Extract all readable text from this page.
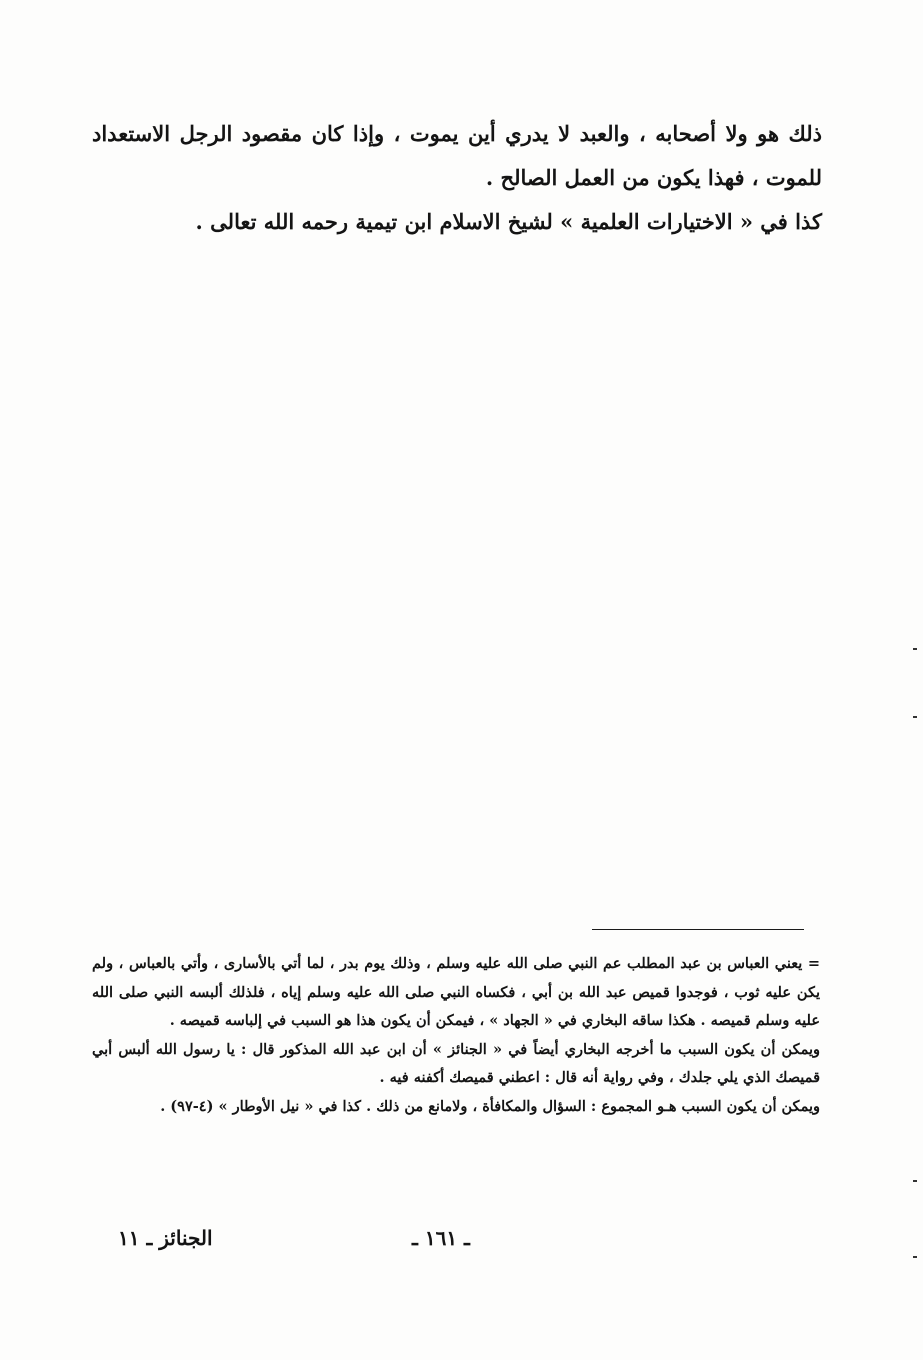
ذلك هو ولا أصحابه ، والعبد لا يدري أين يموت ، وإذا كان مقصود الرجل الاستعداد للموت ، فهذا يكون من العمل الصالح .

كذا في « الاختيارات العلمية » لشيخ الاسلام ابن تيمية رحمه الله تعالى .

= يعني العباس بن عبد المطلب عم النبي صلى الله عليه وسلم ، وذلك يوم بدر ، لما أتي بالأسارى ، وأتي بالعباس ، ولم يكن عليه ثوب ، فوجدوا قميص عبد الله بن أبي ، فكساه النبي صلى الله عليه وسلم إياه ، فلذلك ألبسه النبي صلى الله عليه وسلم قميصه . هكذا ساقه البخاري في « الجهاد » ، فيمكن أن يكون هذا هو السبب في إلباسه قميصه .

ويمكن أن يكون السبب ما أخرجه البخاري أيضاً في « الجنائز » أن ابن عبد الله المذكور قال : يا رسول الله ألبس أبي قميصك الذي يلي جلدك ، وفي رواية أنه قال : اعطني قميصك أكفنه فيه .

ويمكن أن يكون السبب هـو المجموع : السؤال والمكافأة ، ولامانع من ذلك . كذا في « نيل الأوطار » (٤-٩٧) .

الجنائز ـ ١١	ـ ١٦١ ـ
